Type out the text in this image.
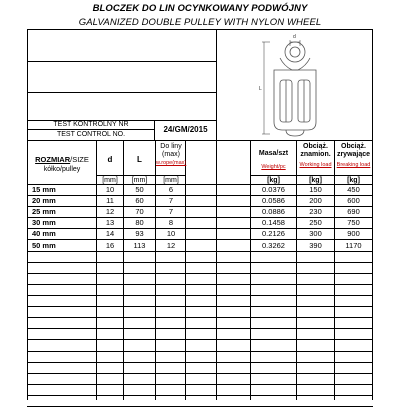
BLOCZEK DO LIN OCYNKOWANY PODWÓJNY
GALVANIZED DOUBLE PULLEY WITH NYLON WHEEL
d
L
TEST KONTROLNY NR
TEST CONTROL NO.
24/GM/2015
ROZMIAR/SIZE
kółko/pulley
d	L
[mm]	[mm]
Do liny
(max)
w.rope(max)
[mm]
Masa/szt
Weight/pc
[kg]
Obciąż.
znamion.
Working load
[kg]
Obciąż.
zrywające
Breaking load
[kg]
15 mm	10	50	6	0.0376	150	450
20 mm	11	60	7	0.0586	200	600
25 mm	12	70	7	0.0886	230	690
30 mm	13	80	8	0.1458	250	750
40 mm	14	93	10	0.2126	300	900
50 mm	16	113	12	0.3262	390	1170
